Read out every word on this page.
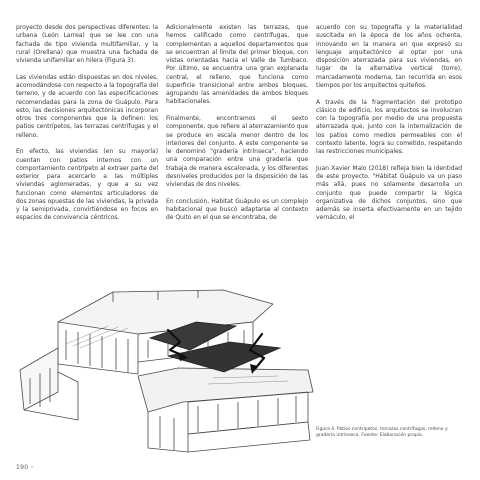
proyecto desde dos perspectivas diferentes: la urbana (León Larrea) que se lee con una fachada de tipo vivienda multifamiliar, y la rural (Orellana) que muestra una fachada de vivienda unifamiliar en hilera (Figura 3).

Las viviendas están dispuestas en dos niveles, acomodándose con respecto a la topografía del terreno, y de acuerdo con las especificaciones recomendadas para la zona de Guápulo. Para esto, las decisiones arquitectónicas incorporan otros tres componentes que la definen: los patios centrípetos, las terrazas centrífugas y el relleno.

En efecto, las viviendas (en su mayoría) cuentan con patios internos con un comportamiento centrípeto al extraer parte del exterior para acercarlo a las múltiples viviendas aglomeradas, y que a su vez funcionan como elementos articuladores de dos zonas opuestas de las viviendas, la privada y la semiprivada, convirtiéndose en focos en espacios de convivencia céntricos.

Adicionalmente existen las terrazas, que hemos calificado como centrífugas, que complementan a aquellos departamentos que se encuentran al límite del primer bloque, con vistas orientadas hacia el Valle de Tumbaco. Por último, se encuentra una gran explanada central, el relleno, que funciona como superficie transicional entre ambos bloques, agrupando las amenidades de ambos bloques habitacionales.

Finalmente, encontramos el sexto componente, que refiere al aterrazamiento que se produce en escala menor dentro de los interiores del conjunto. A este componente se le denominó "gradería intrínseca", haciendo una comparación entre una gradería que trabaja de manera escalonada, y los diferentes desniveles producidos por la disposición de las viviendas de dos niveles.

En conclusión, Habitat Guápulo es un complejo habitacional que buscó adaptarse al contexto de Quito en el que se encontraba, de

acuerdo con su topografía y la materialidad suscitada en la época de los años ochenta, innovando en la manera en que expresó su lenguaje arquitectónico al optar por una disposición aterrazada para sus viviendas, en lugar de la alternativa vertical (torre), marcadamente moderna, tan recurrida en esos tiempos por los arquitectos quiteños.

A través de la fragmentación del prototipo clásico de edificio, los arquitectos se involucran con la topografía por medio de una propuesta aterrazada que, junto con la internalización de los patios como medios permeables con el contexto latente, logra su cometido, respetando las restricciones municipales.

Juan Xavier Malo (2018) refleja bien la identidad de este proyecto. "Hábitat Guápulo va un paso más allá, pues no solamente desarrolla un conjunto que puede compartir la lógica organizativa de dichos conjuntos, sino que además se inserta efectivamente en un tejido vernáculo, el

Figura 4. Patios centrípetos, terrazas centrífugas, relleno y gradería intrínseca. Fuente: Elaboración propia.
190 ◦
